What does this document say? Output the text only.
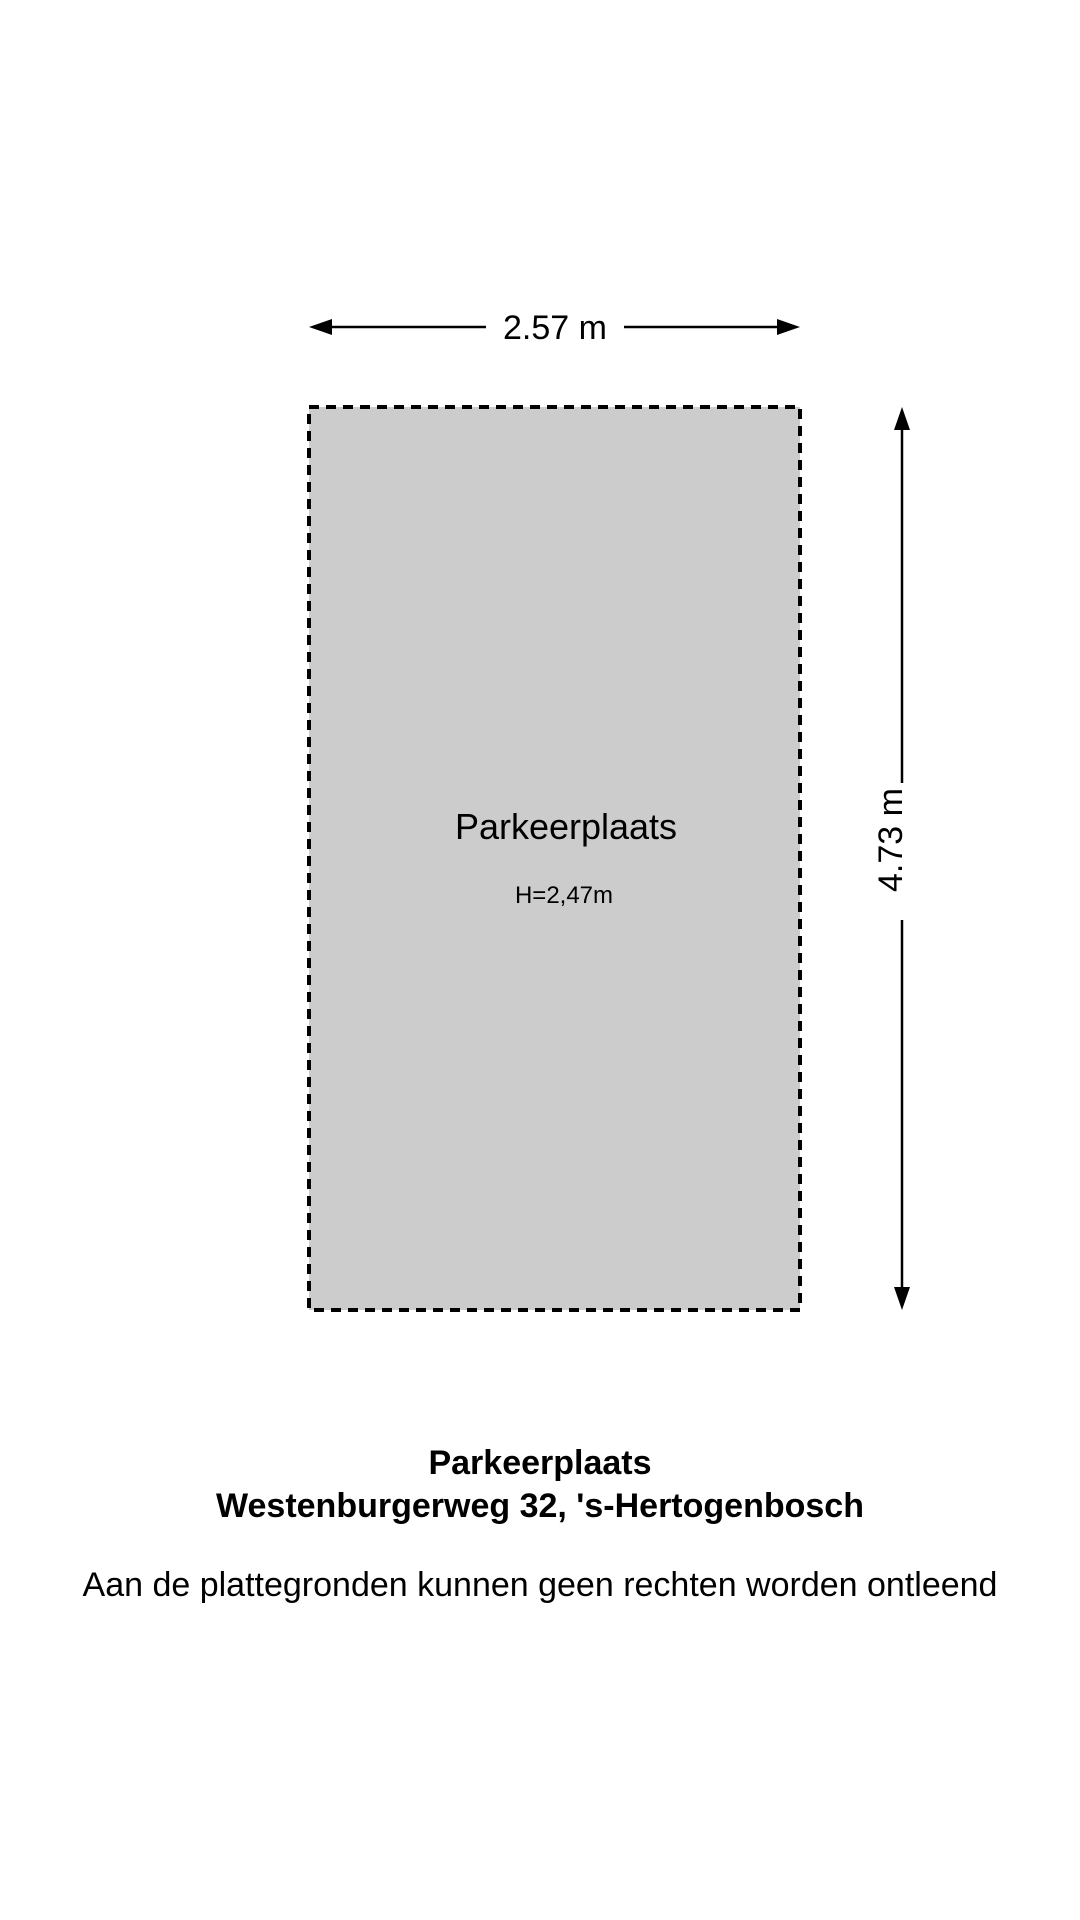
2.57 m
4.73 m
Parkeerplaats
H=2,47m
Parkeerplaats
Westenburgerweg 32, 's-Hertogenbosch
Aan de plattegronden kunnen geen rechten worden ontleend
